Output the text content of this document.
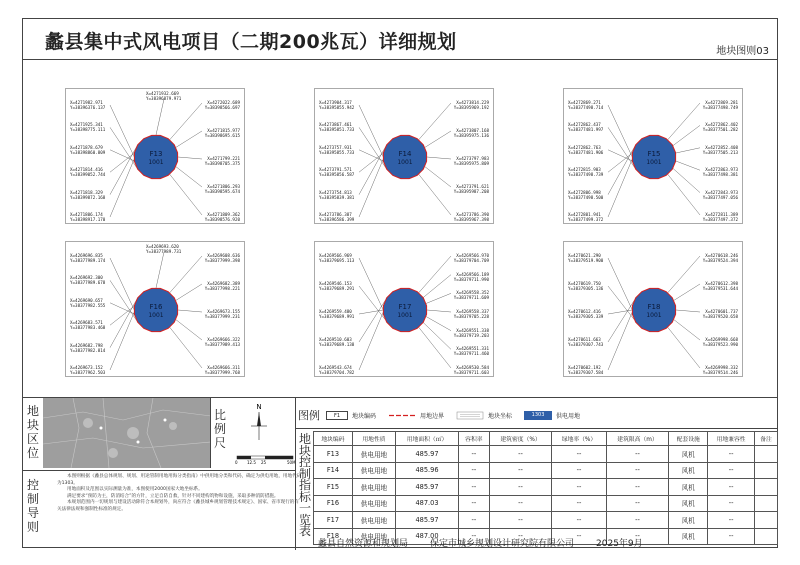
蠡县集中式风电项目（二期200兆瓦）详细规划	地块图则03
F13
1001
X=4271982.971
Y=38396376.137
X=4271925.341
Y=38398775.111
X=4271878.679
Y=38398860.809
X=4271814.416
Y=38399052.744
X=4271818.329
Y=38399872.168
X=4271806.174
Y=38398917.170
X=4272022.689
Y=38398566.697
X=4271815.977
Y=38398695.615
X=4271799.221
Y=38398705.375
X=4271806.293
Y=38398595.674
X=4271809.362
Y=38398576.920
X=4271932.669
Y=38396879.971
F14
1001
X=4273904.317
Y=38395855.942
X=4273867.461
Y=38395851.733
X=4273757.931
Y=38395855.733
X=4273791.571
Y=38395856.587
X=4273754.813
Y=38395839.381
X=4273786.387
Y=38396586.399
X=4273814.229
Y=38395969.192
X=4273807.168
Y=38395975.136
X=4273797.983
Y=38395975.809
X=4273791.621
Y=38395987.208
X=4273786.390
Y=38395967.398
F15
1001
X=4272869.271
Y=38377498.714
X=4272862.437
Y=38377481.997
X=4272862.763
Y=38377481.906
X=4272815.903
Y=38377498.739
X=4272806.998
Y=38377498.500
X=4272801.941
Y=38377499.372
X=4272869.281
Y=38377498.749
X=4272862.402
Y=38377501.282
X=4272852.408
Y=38377505.213
X=4272863.973
Y=38377498.381
X=4272843.973
Y=38377497.056
X=4272811.389
Y=38377497.372
F16
1001
X=4269696.835
Y=38377989.174
X=4269692.300
Y=38377989.678
X=4269690.657
Y=38377982.555
X=4269683.571
Y=38377983.468
X=4269682.798
Y=38377982.814
X=4269673.152
Y=38377962.503
X=4269608.636
Y=38377999.398
X=4269682.389
Y=38377998.221
X=4269673.155
Y=38377999.231
X=4269666.322
Y=38377989.413
X=4269666.311
Y=38377999.768
X=4269693.620
Y=38377989.731
F17
1001
X=4269566.969
Y=38379695.113
X=4269546.153
Y=38379689.291
X=4269559.480
Y=38379689.991
X=4269510.603
Y=38379689.138
X=4269543.674
Y=38379704.782
X=4269566.970
Y=38379704.709
X=4269566.189
Y=38379711.990
X=4269558.352
Y=38379711.609
X=4269558.337
Y=38379705.228
X=4269551.338
Y=38379719.203
X=4269551.331
Y=38379711.460
X=4269530.584
Y=38379711.603
F18
1001
X=4270621.290
Y=38379519.900
X=4270619.750
Y=38379305.136
X=4270612.416
Y=38379305.339
X=4270611.663
Y=38379307.743
X=4270602.192
Y=38379307.584
X=4270618.246
Y=38379524.394
X=4270612.398
Y=38379531.644
X=4270601.737
Y=38379520.658
X=4269998.668
Y=38379523.990
X=4269998.332
Y=38379514.246
地
块
区
位
比
例
尺
N
0 12.5 25	50M
控
制
导
则

本图则根据《蠡县总体规划、规划、用途管制用地用海分类指南》中供用地分类和代码，确定为供电用地，用地代码为1303。

用地面积及范围以实际测量为准，本图使用2000国家大地坐标系。

满足要求“预防为主，防消结合”的方针，立足自防自救，针对不同建构筑物和设施，采取多种消防措施。

本规划范围内一切规划与建设活动除符合本规划外，尚应符合《蠡县城乡规划管理技术规定》、国家、省市现行的有关法律法规和强制性标准的规定。

图例	F1	地块编码	用地边界	地块坐标	1303	供电用地
地
块
控
制
指
标
一
览
表
地块编码	用地性质	用地面积（㎡）	容积率	建筑密度（%）	绿地率（%）	建筑限高（m）	配套设施	用地兼容性	备注
F13	供电用地	485.97	--	--	--	--	风机	--	
F14	供电用地	485.96	--	--	--	--	风机	--	
F15	供电用地	485.97	--	--	--	--	风机	--	
F16	供电用地	487.03	--	--	--	--	风机	--	
F17	供电用地	485.97	--	--	--	--	风机	--	
F18	供电用地	487.00	--	--	--	--	风机	--	
蠡县自然资源和规划局 保定市城乡规划设计研究院有限公司 2025年9月
